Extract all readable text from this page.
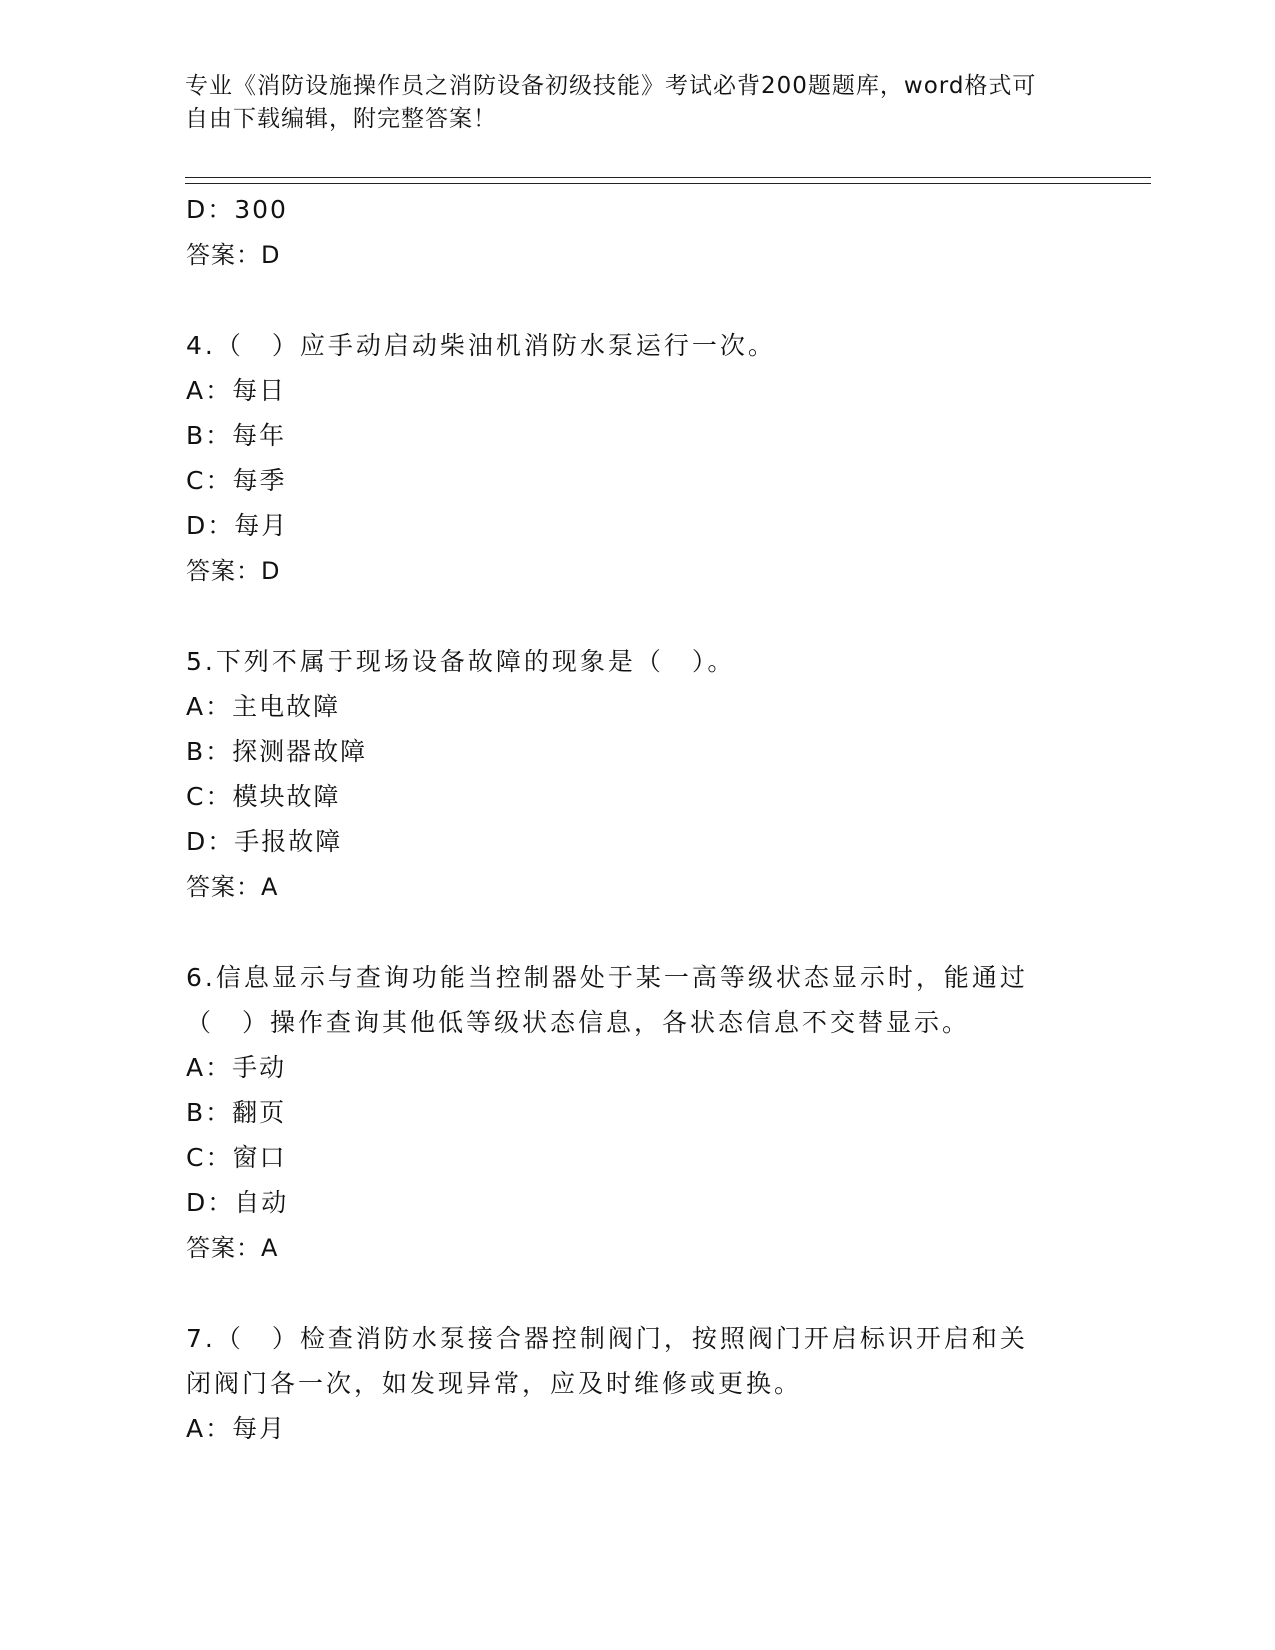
专业《消防设施操作员之消防设备初级技能》考试必背200题题库，word格式可
自由下载编辑，附完整答案！
D：300
答案：D
4.（　）应手动启动柴油机消防水泵运行一次。
A：每日
B：每年
C：每季
D：每月
答案：D
5.下列不属于现场设备故障的现象是（　）。
A：主电故障
B：探测器故障
C：模块故障
D：手报故障
答案：A
6.信息显示与查询功能当控制器处于某一高等级状态显示时，能通过
（　）操作查询其他低等级状态信息，各状态信息不交替显示。
A：手动
B：翻页
C：窗口
D：自动
答案：A
7.（　）检查消防水泵接合器控制阀门，按照阀门开启标识开启和关
闭阀门各一次，如发现异常，应及时维修或更换。
A：每月
